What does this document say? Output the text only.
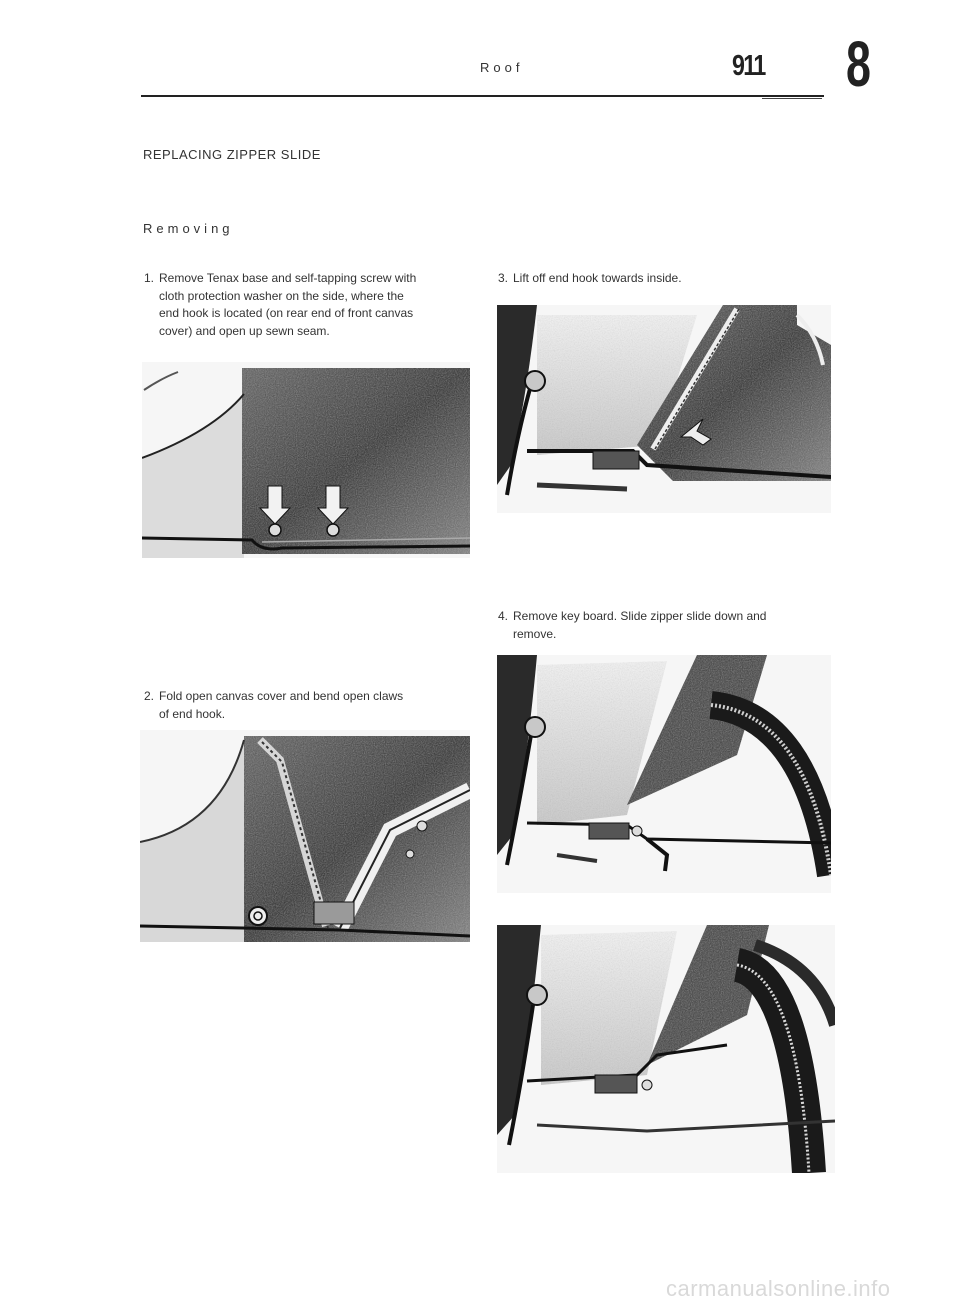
Roof	911 8
REPLACING ZIPPER SLIDE
Removing
1. Remove Tenax base and self-tapping screw with
cloth protection washer on the side, where the
end hook is located (on rear end of front canvas
cover) and open up sewn seam.
2. Fold open canvas cover and bend open claws
of end hook.
3. Lift off end hook towards inside.
4. Remove key board. Slide zipper slide down and
remove.
carmanualsonline.info
